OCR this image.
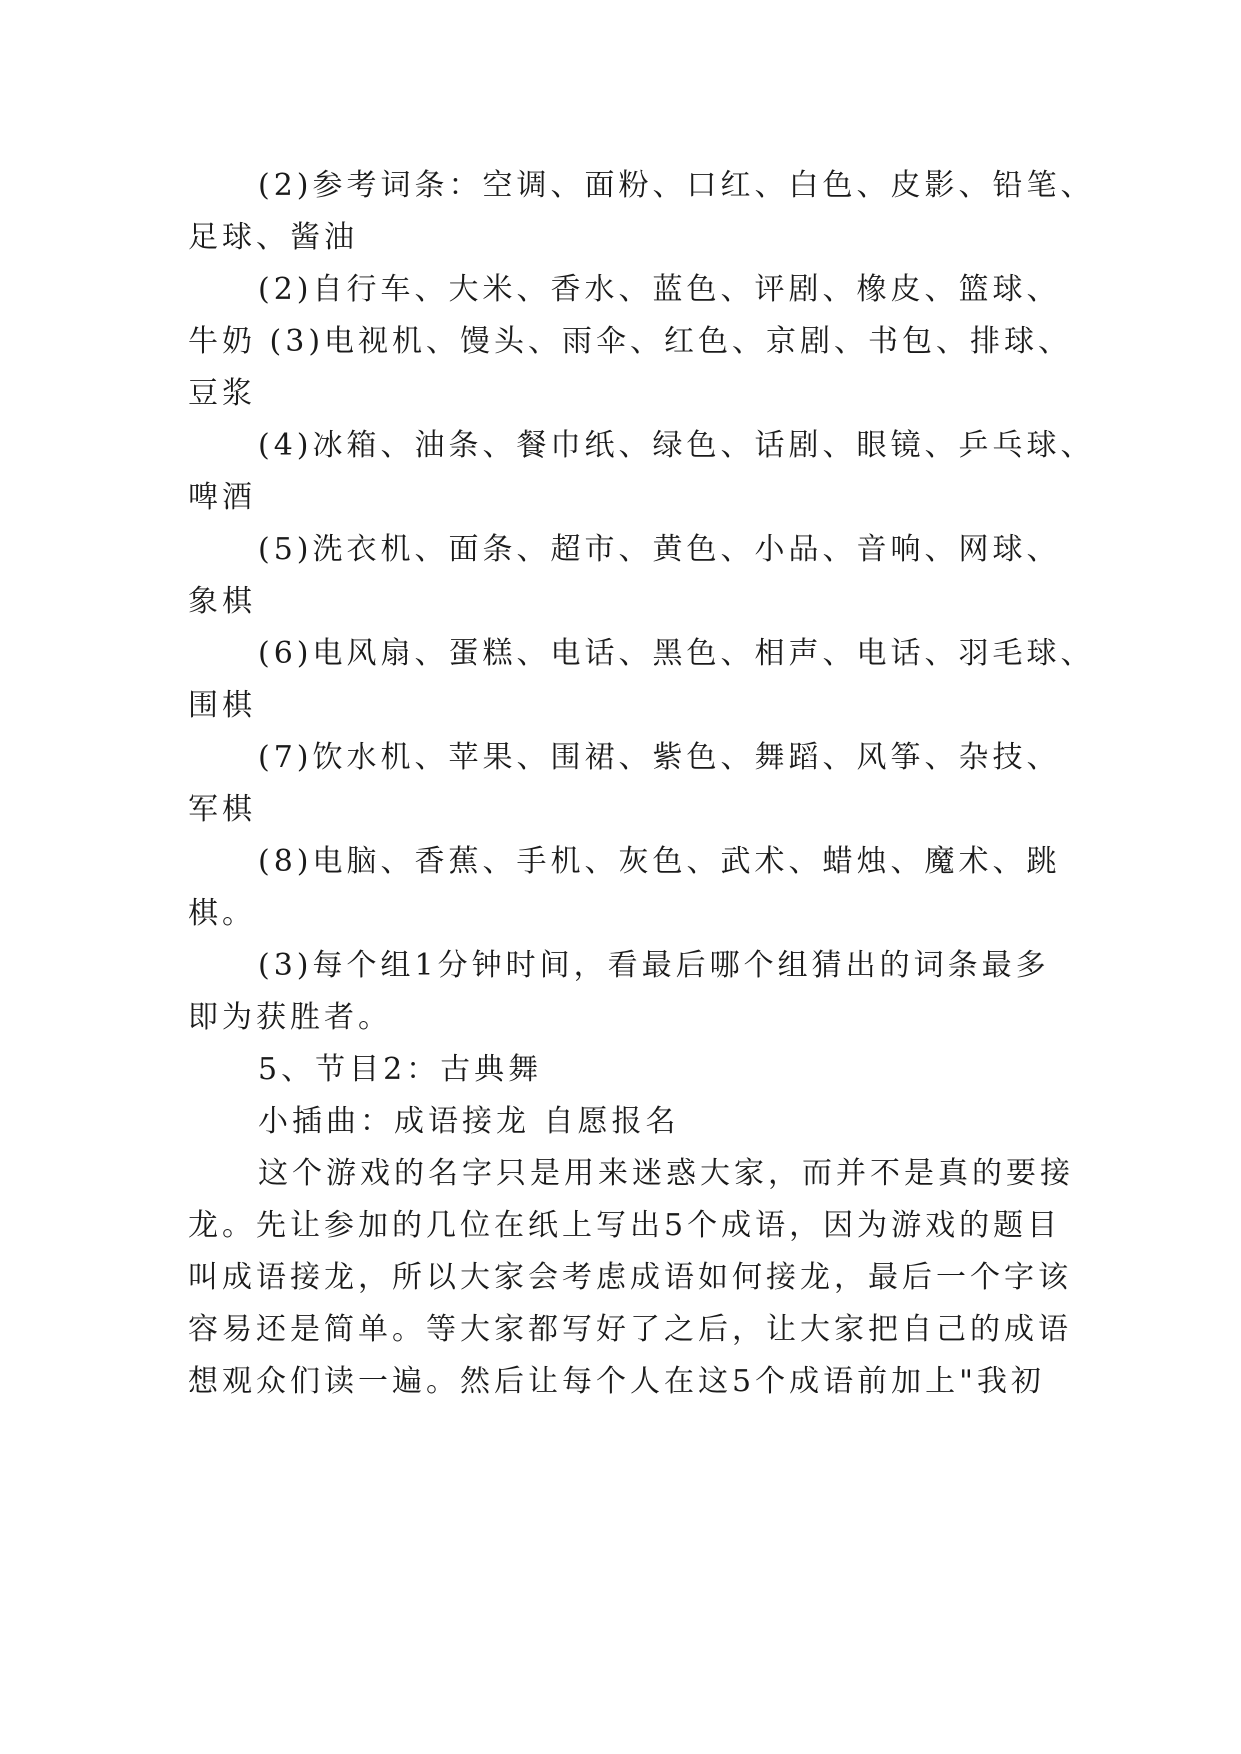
(2)参考词条：空调、面粉、口红、白色、皮影、铅笔、
足球、酱油
(2)自行车、大米、香水、蓝色、评剧、橡皮、篮球、
牛奶 (3)电视机、馒头、雨伞、红色、京剧、书包、排球、
豆浆
(4)冰箱、油条、餐巾纸、绿色、话剧、眼镜、乒乓球、
啤酒
(5)洗衣机、面条、超市、黄色、小品、音响、网球、
象棋
(6)电风扇、蛋糕、电话、黑色、相声、电话、羽毛球、
围棋
(7)饮水机、苹果、围裙、紫色、舞蹈、风筝、杂技、
军棋
(8)电脑、香蕉、手机、灰色、武术、蜡烛、魔术、跳
棋。
(3)每个组1分钟时间，看最后哪个组猜出的词条最多
即为获胜者。
5、节目2：古典舞
小插曲：成语接龙 自愿报名
这个游戏的名字只是用来迷惑大家，而并不是真的要接
龙。先让参加的几位在纸上写出5个成语，因为游戏的题目
叫成语接龙，所以大家会考虑成语如何接龙，最后一个字该
容易还是简单。等大家都写好了之后，让大家把自己的成语
想观众们读一遍。然后让每个人在这5个成语前加上"我初
